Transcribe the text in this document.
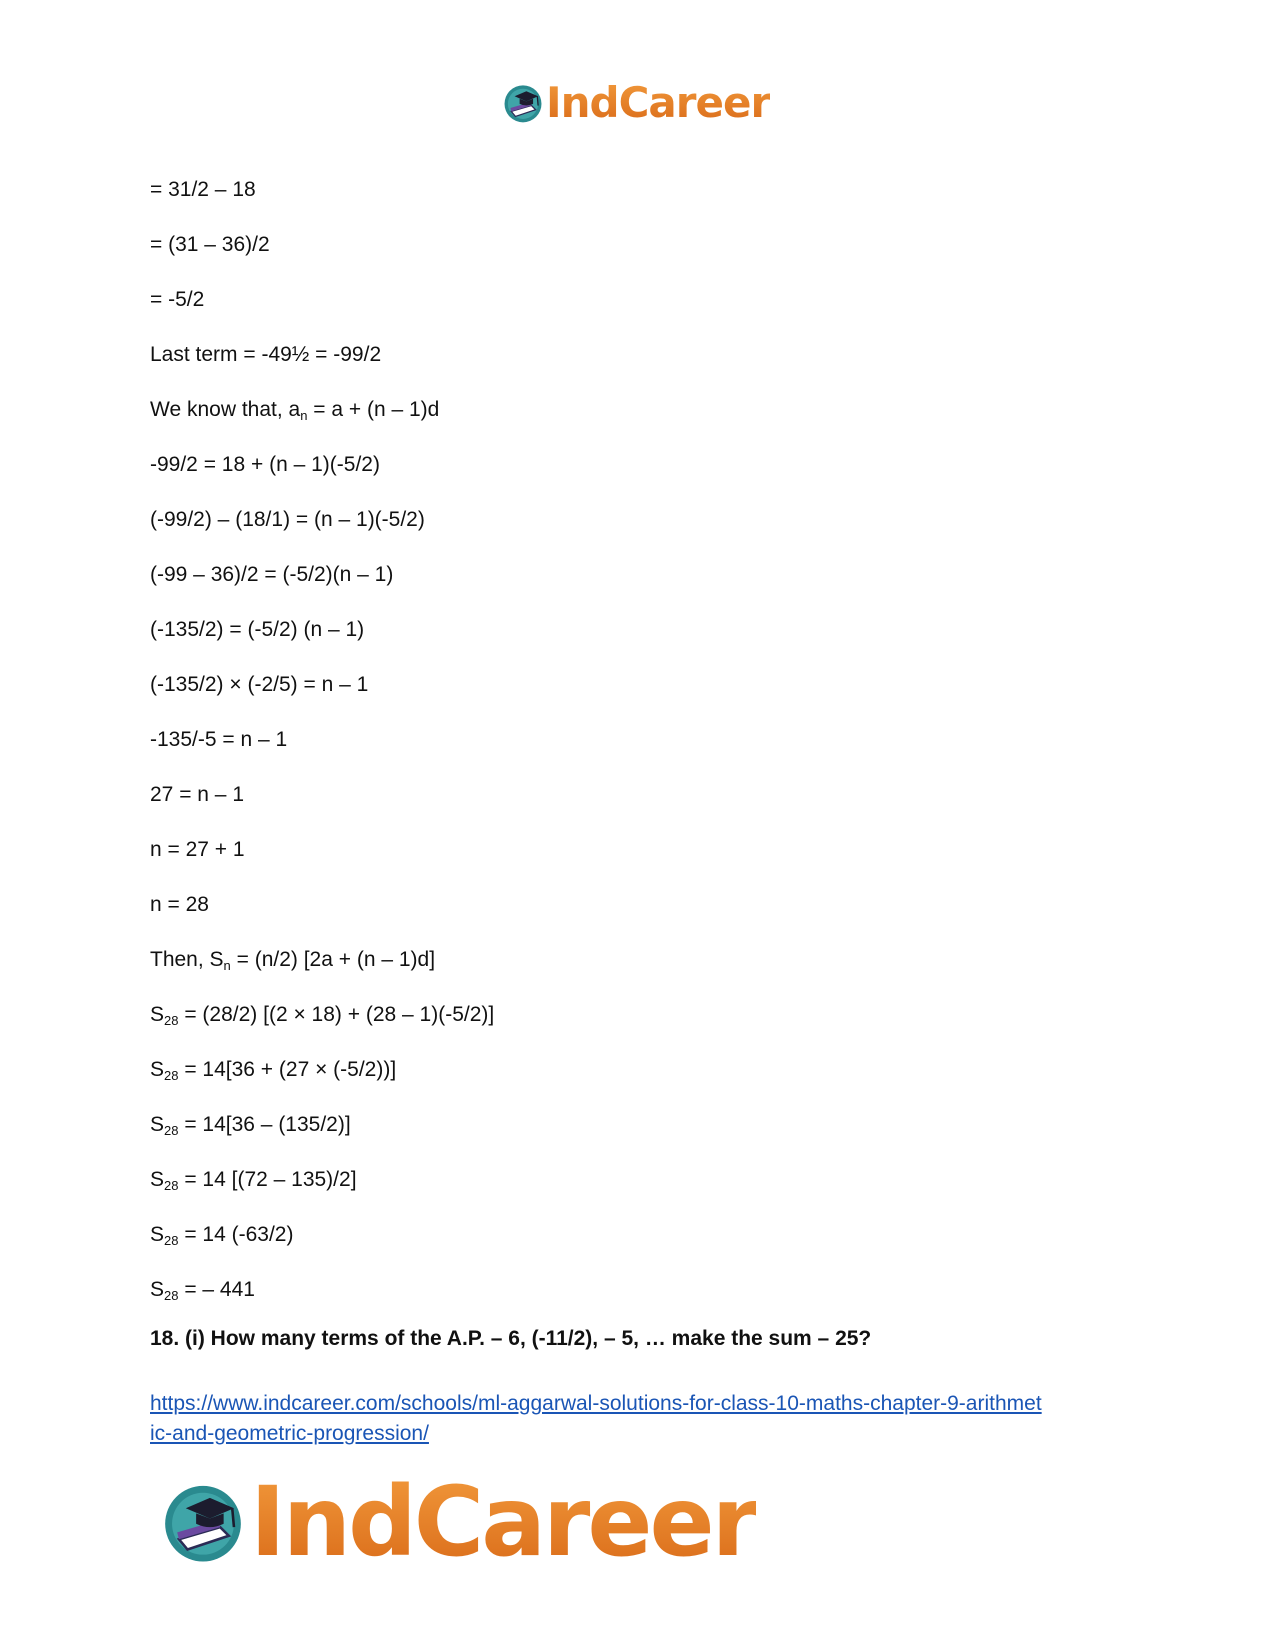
IndCareer
= 31/2 – 18
= (31 – 36)/2
= -5/2
Last term = -49½ = -99/2
We know that, $a_n = a + (n - 1)d$
-99/2 = 18 + (n – 1)(-5/2)
(-99/2) – (18/1) = (n – 1)(-5/2)
(-99 – 36)/2 = (-5/2)(n – 1)
(-135/2) = (-5/2) (n – 1)
(-135/2) × (-2/5) = n – 1
-135/-5 = n – 1
27 = n – 1
n = 27 + 1
n = 28
Then, $S_n = (n/2) [2a + (n - 1)d]$
$S_{28} = (28/2) [(2 \times 18) + (28 - 1)(-5/2)]$
$S_{28} = 14[36 + (27 \times (-5/2))]$
$S_{28} = 14[36 - (135/2)]$
$S_{28} = 14$ [(72 – 135)/2]
$S_{28} = 14$ (-63/2)
$S_{28}$ = – 441
18. (i) How many terms of the A.P. – 6, (-11/2), – 5, … make the sum – 25?
https://www.indcareer.com/schools/ml-aggarwal-solutions-for-class-10-maths-chapter-9-arithmet
ic-and-geometric-progression/
IndCareer
